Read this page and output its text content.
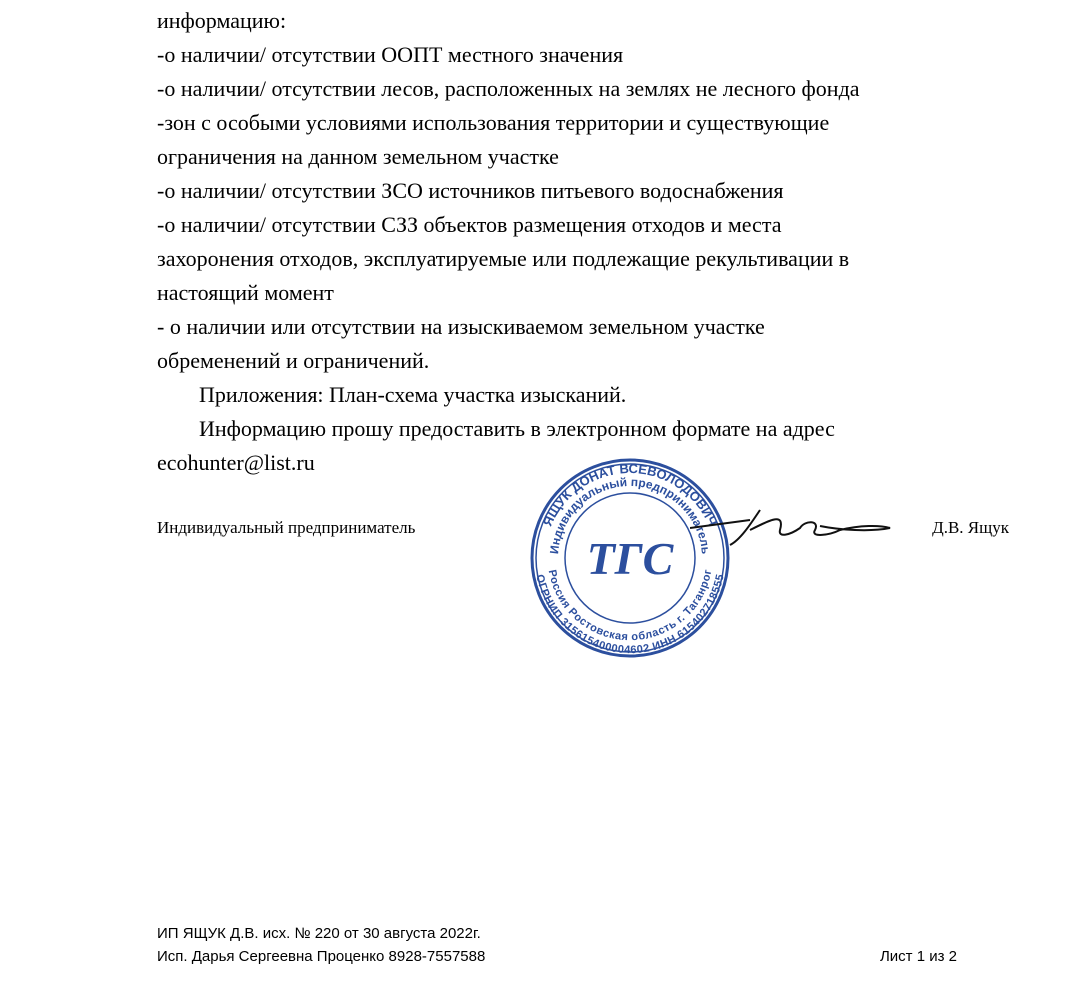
информацию:
-о наличии/ отсутствии ООПТ местного значения
-о наличии/ отсутствии лесов, расположенных на землях не лесного фонда
-зон с особыми условиями использования территории и существующие
ограничения на данном земельном участке
-о наличии/ отсутствии ЗСО источников питьевого водоснабжения
-о наличии/ отсутствии СЗЗ объектов размещения отходов и места
захоронения отходов, эксплуатируемые или подлежащие рекультивации в
настоящий момент
- о наличии или отсутствии на изыскиваемом земельном участке
обременений и ограничений.
Приложения: План-схема участка изысканий.
Информацию прошу предоставить в электронном формате на адрес
ecohunter@list.ru
Индивидуальный предприниматель	Д.В. Ящук
ЯЩУК ДОНАТ ВСЕВОЛОДОВИЧ
Индивидуальный предприниматель
Россия Ростовская область г. Таганрог
ОГРНИП 315615400004602 ИНН 615402718555
ТГС
ИП ЯЩУК Д.В. исх. № 220 от 30 августа 2022г.
Исп. Дарья Сергеевна Проценко 8928-7557588	Лист 1 из 2
